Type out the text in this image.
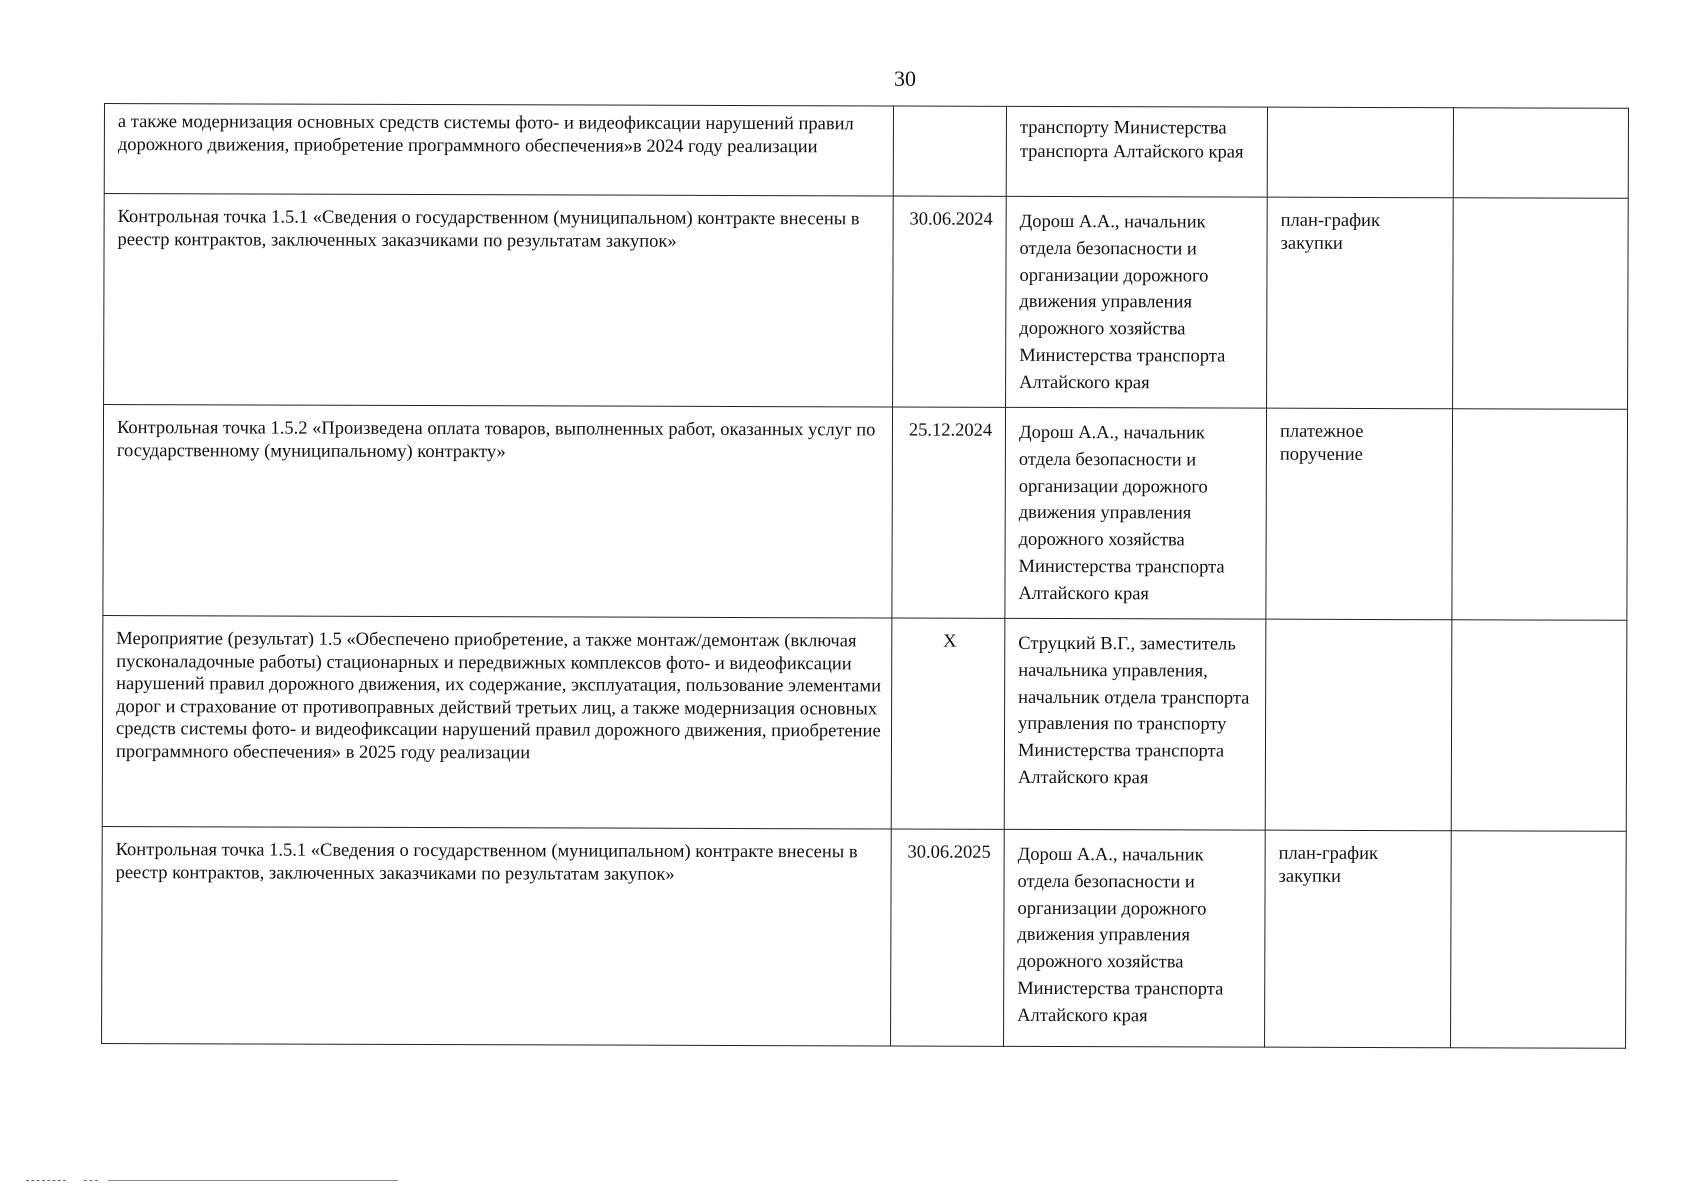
30
а также модернизация основных средств системы фото- и видеофиксации нарушений правил дорожного движения, приобретение программного обеспечения»в 2024 году реализации		транспорту Министерства транспорта Алтайского края		
Контрольная точка 1.5.1 «Сведения о государственном (муниципальном) контракте внесены в реестр контрактов, заключенных заказчиками по результатам закупок»	30.06.2024	Дорош А.А., начальник отдела безопасности и организации дорожного движения управления дорожного хозяйства Министерства транспорта Алтайского края	план-график закупки	
Контрольная точка 1.5.2 «Произведена оплата товаров, выполненных работ, оказанных услуг по государственному (муниципальному) контракту»	25.12.2024	Дорош А.А., начальник отдела безопасности и организации дорожного движения управления дорожного хозяйства Министерства транспорта Алтайского края	платежное поручение	
Мероприятие (результат) 1.5 «Обеспечено приобретение, а также монтаж/демонтаж (включая пусконаладочные работы) стационарных и передвижных комплексов фото- и видеофиксации нарушений правил дорожного движения, их содержание, эксплуатация, пользование элементами дорог и страхование от противоправных действий третьих лиц, а также модернизация основных средств системы фото- и видеофиксации нарушений правил дорожного движения, приобретение программного обеспечения» в 2025 году реализации	X	Струцкий В.Г., заместитель начальника управления, начальник отдела транспорта управления по транспорту Министерства транспорта Алтайского края		
Контрольная точка 1.5.1 «Сведения о государственном (муниципальном) контракте внесены в реестр контрактов, заключенных заказчиками по результатам закупок»	30.06.2025	Дорош А.А., начальник отдела безопасности и организации дорожного движения управления дорожного хозяйства Министерства транспорта Алтайского края	план-график закупки	
